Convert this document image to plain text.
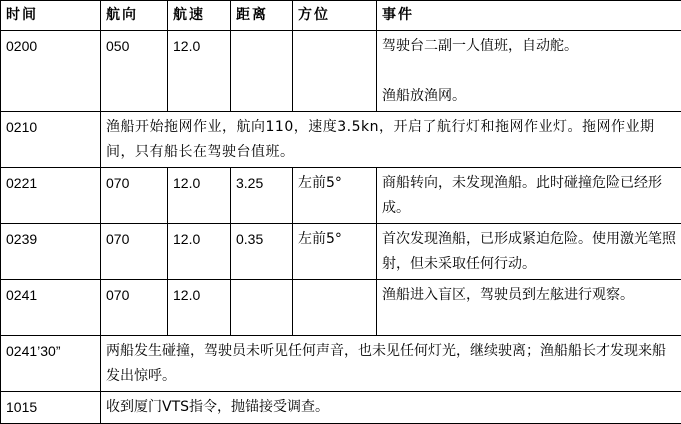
时间	航向	航速	距离	方位	事件
0200	050	12.0			驾驶台二副一人值班，自动舵。
渔船放渔网。
0210	渔船开始拖网作业，航向110，速度3.5kn，开启了航行灯和拖网作业灯。拖网作业期间，只有船长在驾驶台值班。				
0221	070	12.0	3.25	左前5°	商船转向，未发现渔船。此时碰撞危险已经形成。
0239	070	12.0	0.35	左前5°	首次发现渔船，已形成紧迫危险。使用激光笔照射，但未采取任何行动。
0241	070	12.0			渔船进入盲区，驾驶员到左舷进行观察。
0241’30”	两船发生碰撞，驾驶员未听见任何声音，也未见任何灯光，继续驶离；渔船船长才发现来船发出惊呼。				
1015	收到厦门VTS指令，抛锚接受调查。				
